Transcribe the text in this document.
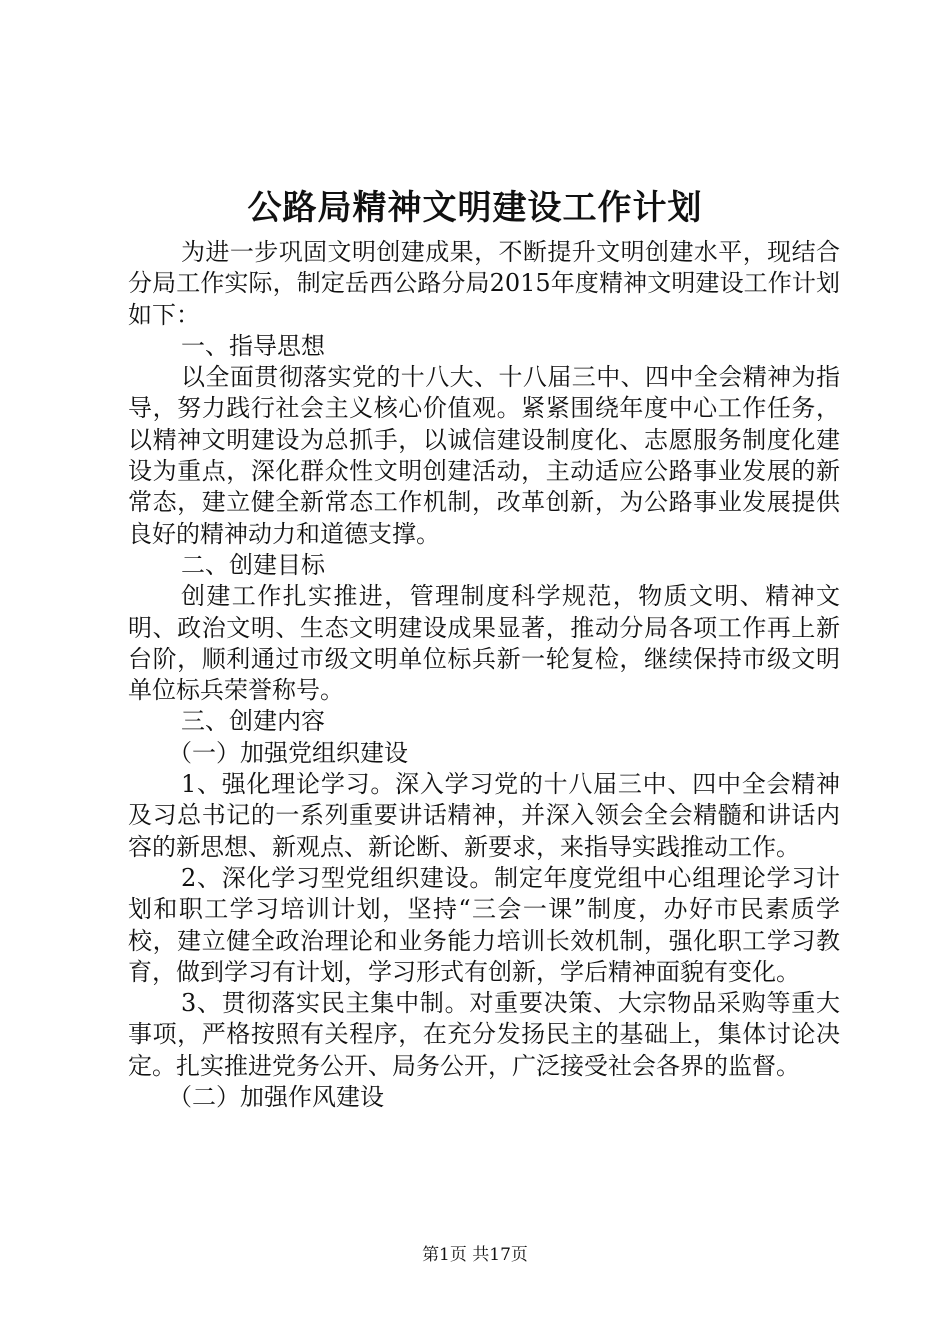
公路局精神文明建设工作计划

为进一步巩固文明创建成果，不断提升文明创建水平，现结合分局工作实际，制定岳西公路分局2015年度精神文明建设工作计划如下：

一、指导思想

以全面贯彻落实党的十八大、十八届三中、四中全会精神为指导，努力践行社会主义核心价值观。紧紧围绕年度中心工作任务，以精神文明建设为总抓手，以诚信建设制度化、志愿服务制度化建设为重点，深化群众性文明创建活动，主动适应公路事业发展的新常态，建立健全新常态工作机制，改革创新，为公路事业发展提供良好的精神动力和道德支撑。

二、创建目标

创建工作扎实推进，管理制度科学规范，物质文明、精神文明、政治文明、生态文明建设成果显著，推动分局各项工作再上新台阶，顺利通过市级文明单位标兵新一轮复检，继续保持市级文明单位标兵荣誉称号。

三、创建内容

（一）加强党组织建设

1、强化理论学习。深入学习党的十八届三中、四中全会精神及习总书记的一系列重要讲话精神，并深入领会全会精髓和讲话内容的新思想、新观点、新论断、新要求，来指导实践推动工作。

2、深化学习型党组织建设。制定年度党组中心组理论学习计划和职工学习培训计划，坚持“三会一课”制度，办好市民素质学校，建立健全政治理论和业务能力培训长效机制，强化职工学习教育，做到学习有计划，学习形式有创新，学后精神面貌有变化。

3、贯彻落实民主集中制。对重要决策、大宗物品采购等重大事项，严格按照有关程序，在充分发扬民主的基础上，集体讨论决定。扎实推进党务公开、局务公开，广泛接受社会各界的监督。

（二）加强作风建设

第1页 共17页
